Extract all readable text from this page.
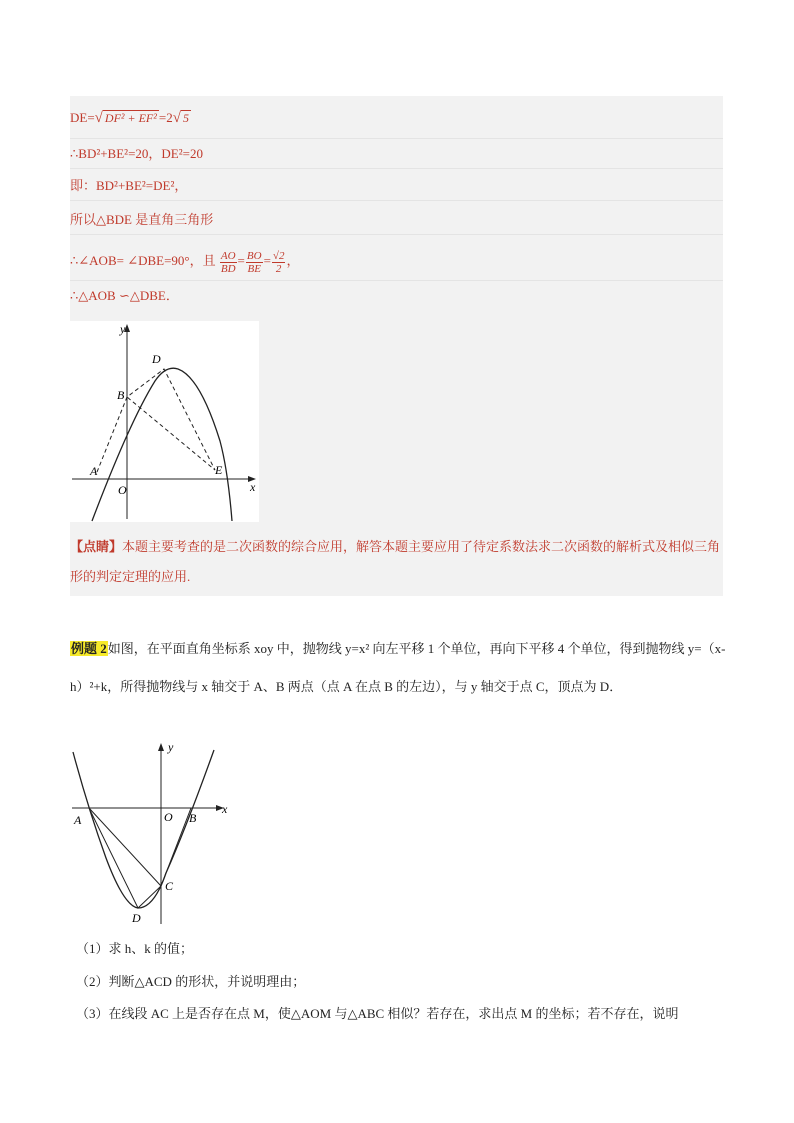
DE=√ DF² + EF² =2√ 5
∴BD²+BE²=20，DE²=20
即：BD²+BE²=DE²，
所以△BDE 是直角三角形
∴∠AOB= ∠DBE=90°，且 $\frac{AO}{BD} = \frac{BO}{BE} = \frac{√2}{2}$ ，
∴△AOB ∽△DBE．
y
x
D
B
A
O
E
【点睛】本题主要考查的是二次函数的综合应用，解答本题主要应用了待定系数法求二次函数的解析式及相似三角形的判定定理的应用.
例题 2如图，在平面直角坐标系 xoy 中，抛物线 y=x² 向左平移 1 个单位，再向下平移 4 个单位，得到抛物线 y=（x-h）²+k，所得抛物线与 x 轴交于 A、B 两点（点 A 在点 B 的左边），与 y 轴交于点 C，顶点为 D．
y
x
A	O B
C
D
（1）求 h、k 的值；
（2）判断△ACD 的形状，并说明理由；
（3）在线段 AC 上是否存在点 M，使△AOM 与△ABC 相似？若存在，求出点 M 的坐标；若不存在，说明
